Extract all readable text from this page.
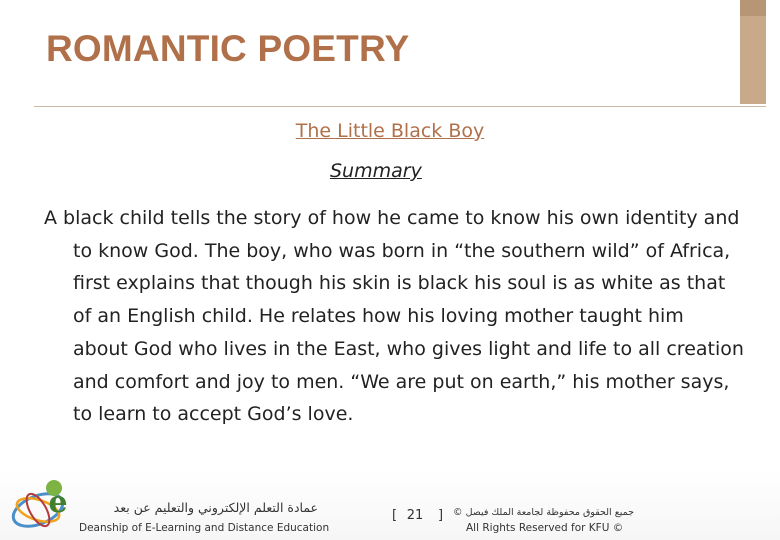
ROMANTIC POETRY
The Little Black Boy
Summary

A black child tells the story of how he came to know his own identity and to know God. The boy, who was born in “the southern wild” of Africa, first explains that though his skin is black his soul is as white as that of an English child. He relates how his loving mother taught him about God who lives in the East, who gives light and life to all creation and comfort and joy to men. “We are put on earth,” his mother says, to learn to accept God’s love.

e	عمادة التعلم الإلكتروني والتعليم عن بعد
Deanship of E-Learning and Distance Education
[ 21	] جميع الحقوق محفوظة لجامعة الملك فيصل ©
All Rights Reserved for KFU ©
